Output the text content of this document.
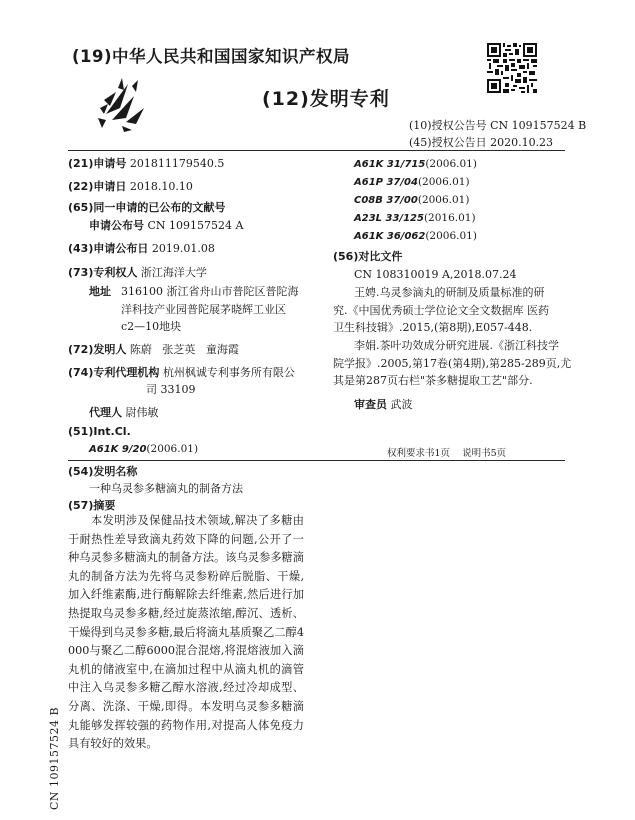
(19)中华人民共和国国家知识产权局
(12)发明专利
(10)授权公告号 CN 109157524 B
(45)授权公告日 2020.10.23
(21)申请号 201811179540.5
(22)申请日 2018.10.10
(65)同一申请的已公布的文献号
申请公布号 CN 109157524 A
(43)申请公布日 2019.01.08
(73)专利权人 浙江海洋大学
地址 316100 浙江省舟山市普陀区普陀海
洋科技产业园普陀展茅晓辉工业区
c2—10地块
(72)发明人 陈蔚   张芝英   童海霞
(74)专利代理机构 杭州枫诚专利事务所有限公
司 33109
代理人 尉伟敏
(51)Int.Cl.
A61K 9/20(2006.01)
A61K 31/715(2006.01)
A61P 37/04(2006.01)
C08B 37/00(2006.01)
A23L 33/125(2016.01)
A61K 36/062(2006.01)
(56)对比文件
CN 108310019 A,2018.07.24
王娉.乌灵参滴丸的研制及质量标准的研
究.《中国优秀硕士学位论文全文数据库 医药
卫生科技辑》.2015,(第8期),E057-448.
李娟.茶叶功效成分研究进展.《浙江科技学
院学报》.2005,第17卷(第4期),第285-289页,尤
其是第287页右栏"茶多糖提取工艺"部分.
审查员 武波
权利要求书1页    说明书5页
(54)发明名称
一种乌灵参多糖滴丸的制备方法
(57)摘要
本发明涉及保健品技术领域,解决了多糖由于耐热性差导致滴丸药效下降的问题,公开了一种乌灵参多糖滴丸的制备方法。该乌灵参多糖滴丸的制备方法为先将乌灵参粉碎后脱脂、干燥,加入纤维素酶,进行酶解除去纤维素,然后进行加热提取乌灵参多糖,经过旋蒸浓缩,醇沉、透析、干燥得到乌灵参多糖,最后将滴丸基质聚乙二醇4000与聚乙二醇6000混合混熔,将混熔液加入滴丸机的储液室中,在滴加过程中从滴丸机的滴管中注入乌灵参多糖乙醇水溶液,经过冷却成型、分离、洗涤、干燥,即得。本发明乌灵参多糖滴丸能够发挥较强的药物作用,对提高人体免疫力具有较好的效果。
CN 109157524 B
